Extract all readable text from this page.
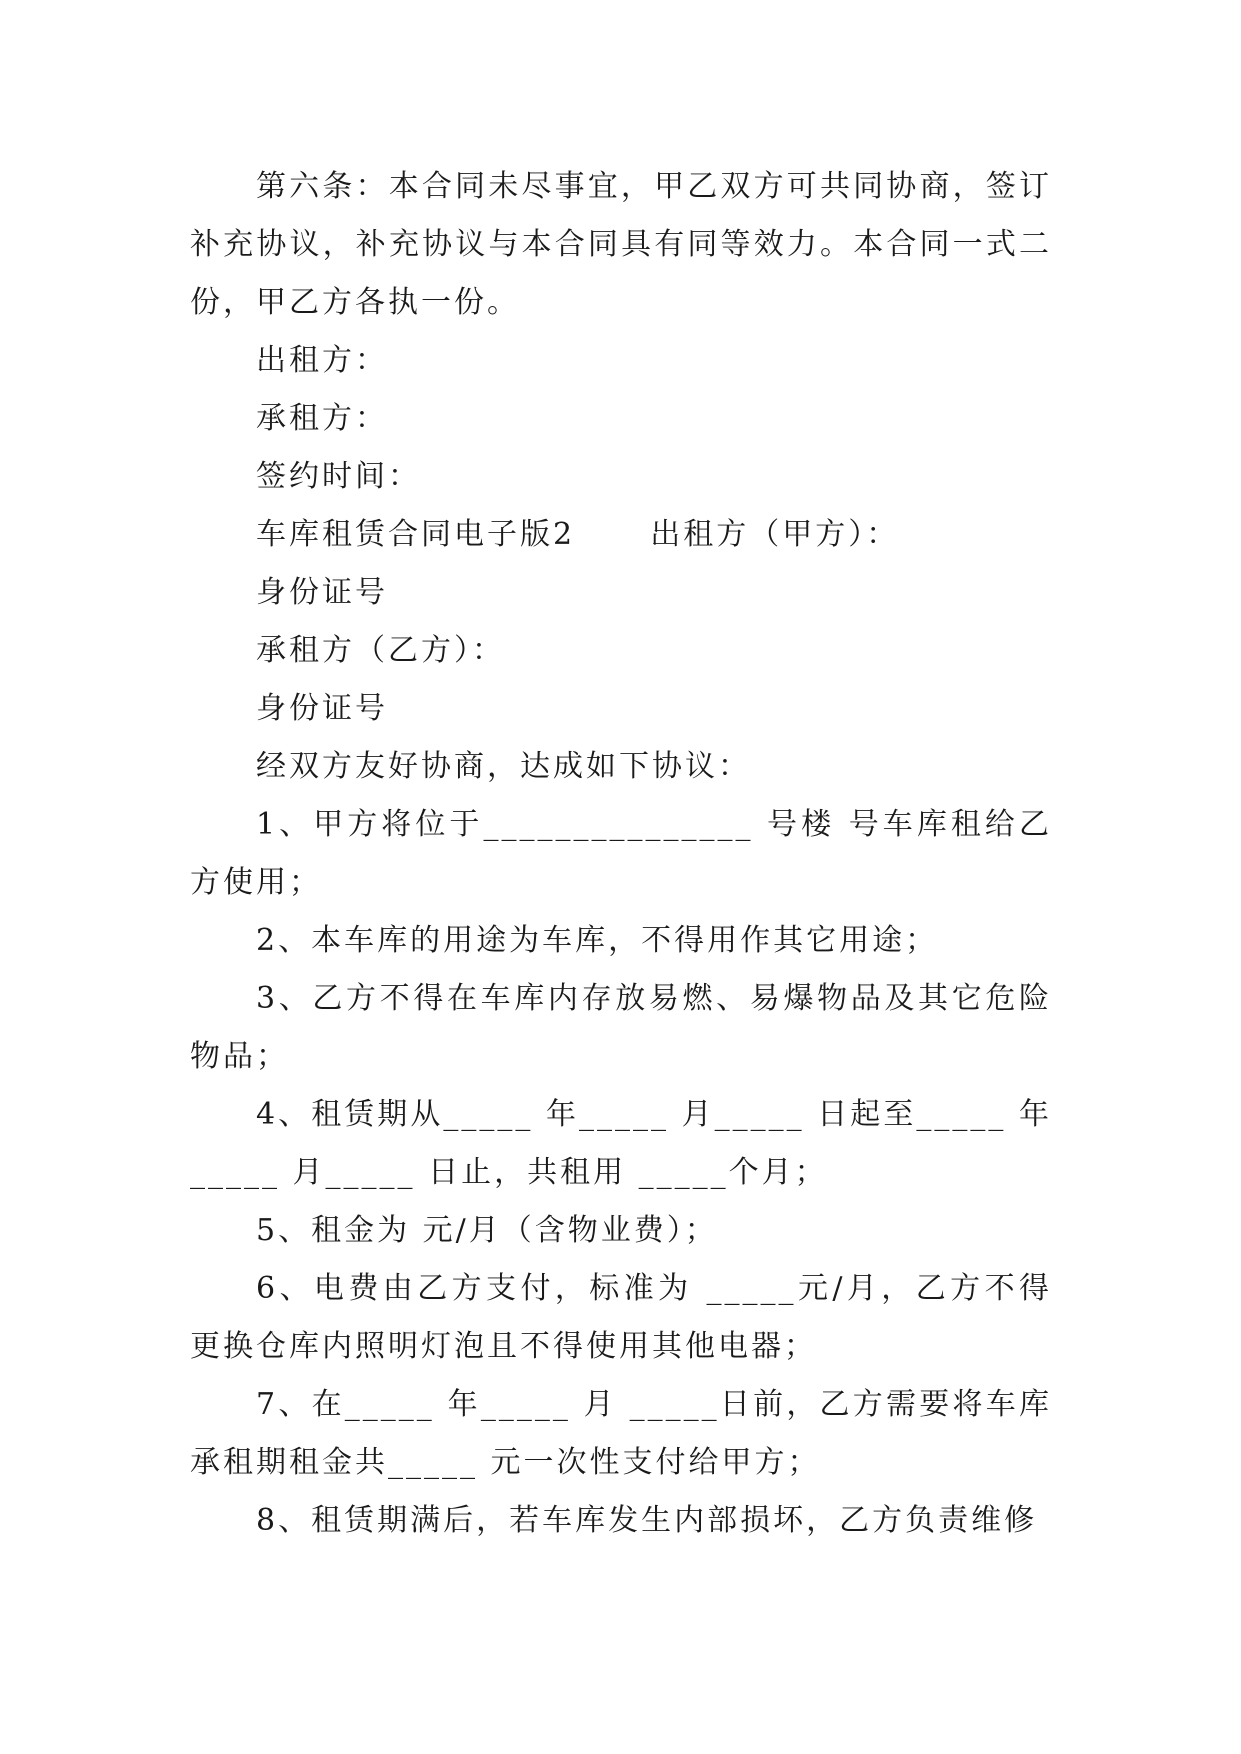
第六条：本合同未尽事宜，甲乙双方可共同协商，签订补充协议，补充协议与本合同具有同等效力。本合同一式二份，甲乙方各执一份。

出租方：

承租方：

签约时间：

车库租赁合同电子版2      出租方（甲方）：

身份证号

承租方（乙方）：

身份证号

经双方友好协商，达成如下协议：

1、甲方将位于_______________ 号楼 号车库租给乙方使用；

2、本车库的用途为车库，不得用作其它用途；

3、乙方不得在车库内存放易燃、易爆物品及其它危险物品；

4、租赁期从_____ 年_____ 月_____ 日起至_____ 年_____ 月_____ 日止，共租用 _____个月；

5、租金为 元/月（含物业费）；

6、电费由乙方支付，标准为 _____元/月，乙方不得更换仓库内照明灯泡且不得使用其他电器；

7、在_____ 年_____ 月 _____日前，乙方需要将车库承租期租金共_____ 元一次性支付给甲方；

8、租赁期满后，若车库发生内部损坏，乙方负责维修
